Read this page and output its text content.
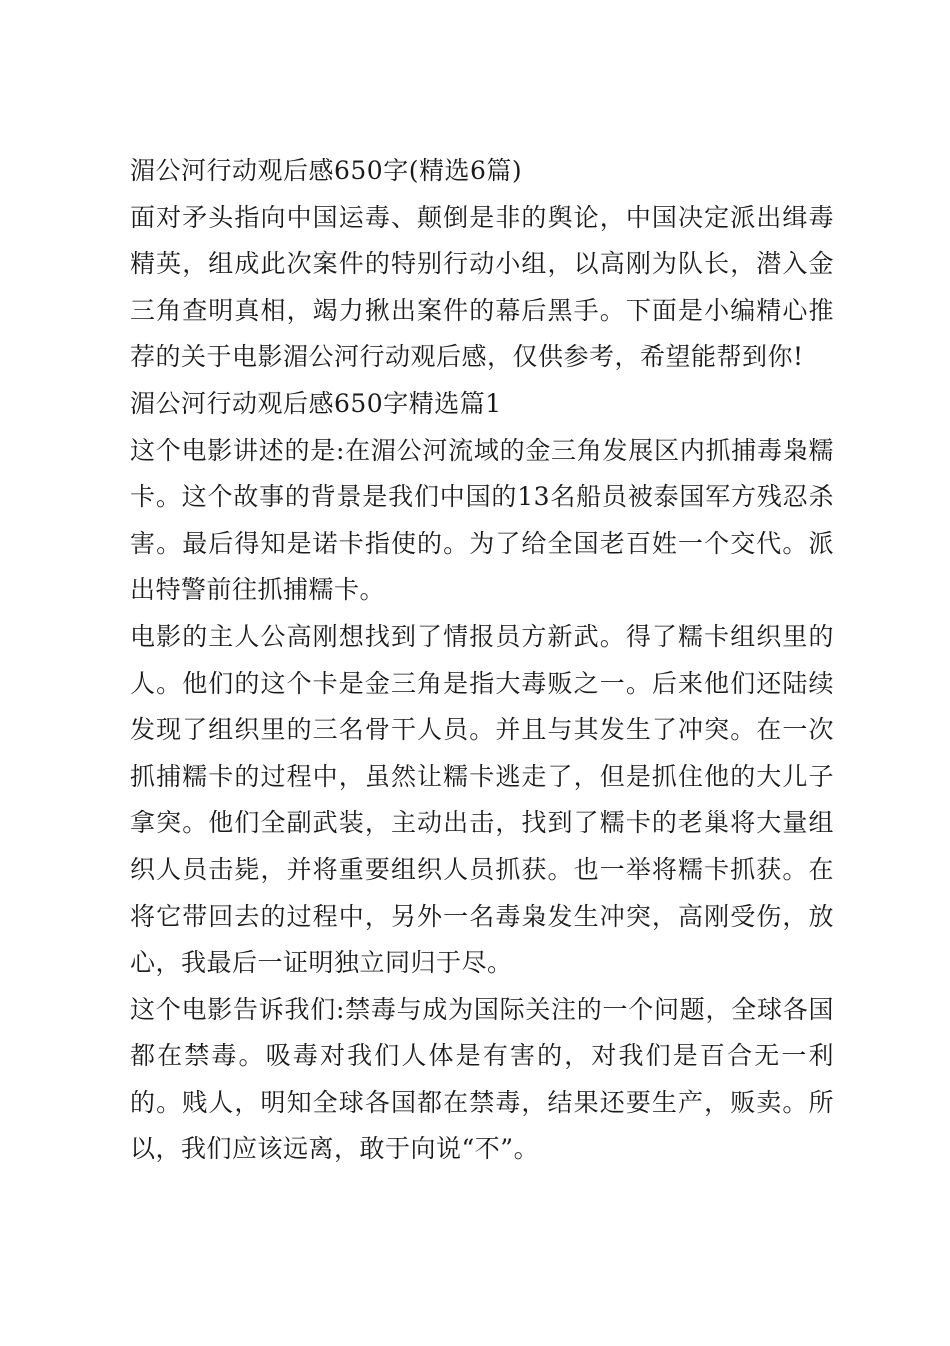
湄公河行动观后感650字(精选6篇)

面对矛头指向中国运毒、颠倒是非的舆论，中国决定派出缉毒精英，组成此次案件的特别行动小组，以高刚为队长，潜入金三角查明真相，竭力揪出案件的幕后黑手。下面是小编精心推荐的关于电影湄公河行动观后感，仅供参考，希望能帮到你!

湄公河行动观后感650字精选篇1

这个电影讲述的是:在湄公河流域的金三角发展区内抓捕毒枭糯卡。这个故事的背景是我们中国的13名船员被泰国军方残忍杀害。最后得知是诺卡指使的。为了给全国老百姓一个交代。派出特警前往抓捕糯卡。

电影的主人公高刚想找到了情报员方新武。得了糯卡组织里的人。他们的这个卡是金三角是指大毒贩之一。后来他们还陆续发现了组织里的三名骨干人员。并且与其发生了冲突。在一次抓捕糯卡的过程中，虽然让糯卡逃走了，但是抓住他的大儿子拿突。他们全副武装，主动出击，找到了糯卡的老巢将大量组织人员击毙，并将重要组织人员抓获。也一举将糯卡抓获。在将它带回去的过程中，另外一名毒枭发生冲突，高刚受伤，放心，我最后一证明独立同归于尽。

这个电影告诉我们:禁毒与成为国际关注的一个问题，全球各国都在禁毒。吸毒对我们人体是有害的，对我们是百合无一利的。贱人，明知全球各国都在禁毒，结果还要生产，贩卖。所以，我们应该远离，敢于向说“不”。
